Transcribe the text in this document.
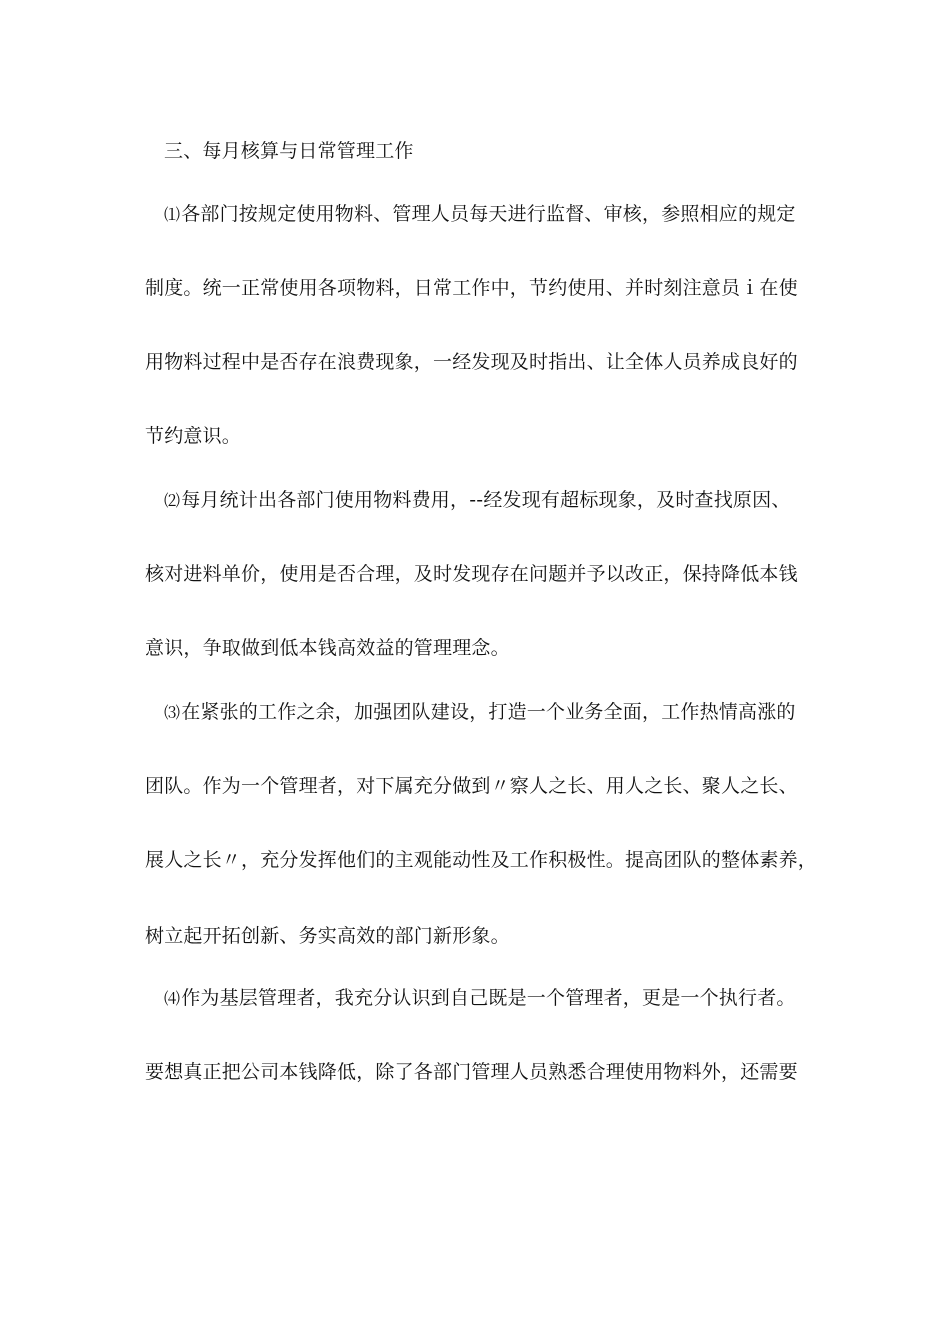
三、每月核算与日常管理工作
⑴各部门按规定使用物料、管理人员每天进行监督、审核，参照相应的规定
制度。统一正常使用各项物料，日常工作中，节约使用、并时刻注意员ｉ在使
用物料过程中是否存在浪费现象，一经发现及时指出、让全体人员养成良好的
节约意识。
⑵每月统计出各部门使用物料费用，--经发现有超标现象，及时查找原因、
核对进料单价，使用是否合理，及时发现存在问题并予以改正，保持降低本钱
意识，争取做到低本钱高效益的管理理念。
⑶在紧张的工作之余，加强团队建设，打造一个业务全面，工作热情高涨的
团队。作为一个管理者，对下属充分做到〃察人之长、用人之长、聚人之长、
展人之长〃，充分发挥他们的主观能动性及工作积极性。提高团队的整体素养，
树立起开拓创新、务实高效的部门新形象。
⑷作为基层管理者，我充分认识到自己既是一个管理者，更是一个执行者。
要想真正把公司本钱降低，除了各部门管理人员熟悉合理使用物料外，还需要
